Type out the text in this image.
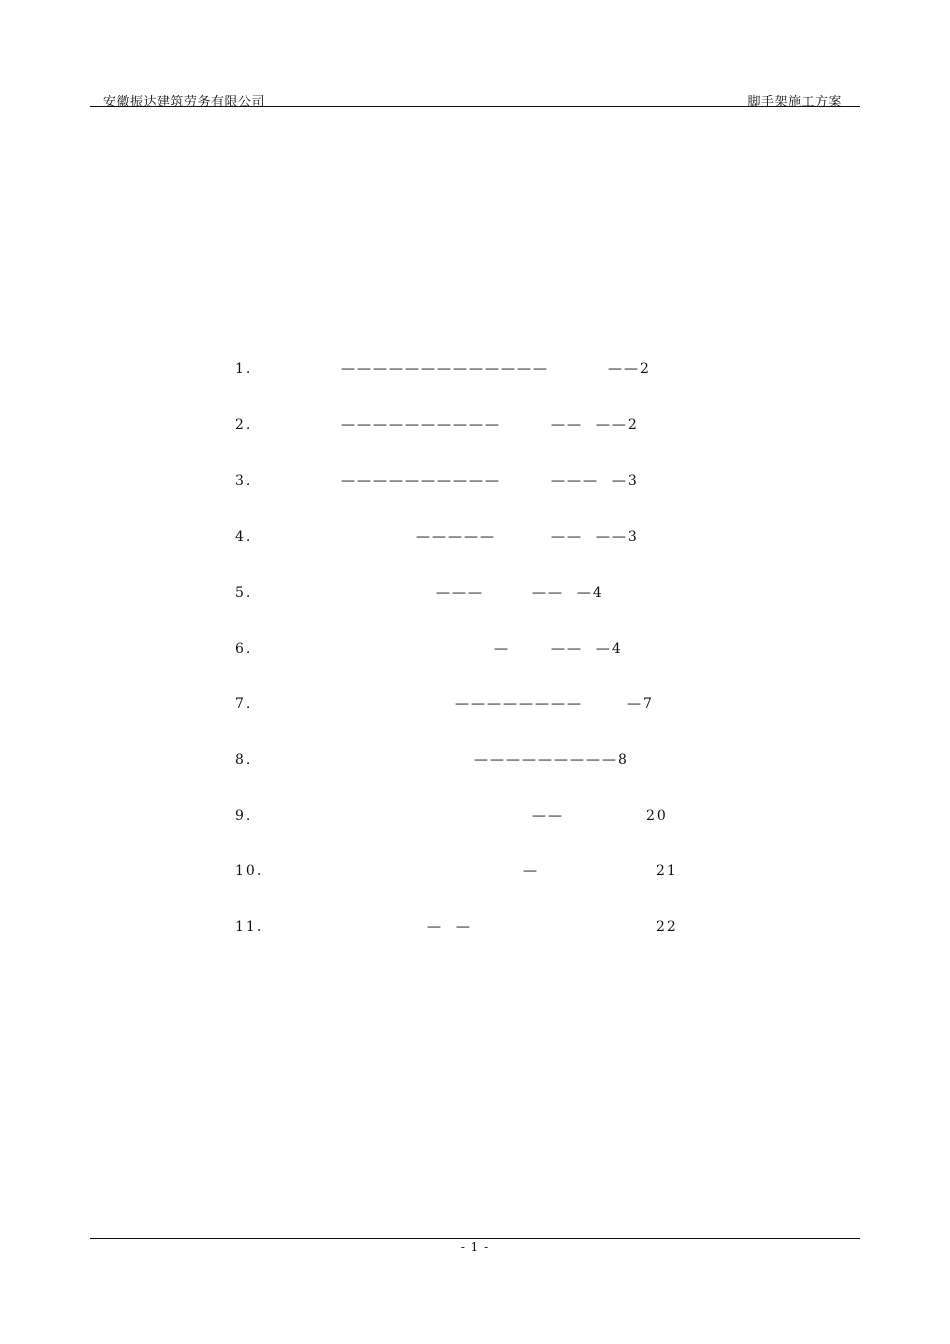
安徽振达建筑劳务有限公司	脚手架施工方案
1.	—————————————	——2
2.	——————————	——  ——2
3.	——————————	———  —3
4.	—————	——  ——3
5.	———	——  —4
6.	—	——  —4
7.	————————	—7
8.	—————————8
9.	——	20
10.	—	21
11.	—  —	22
- 1 -
